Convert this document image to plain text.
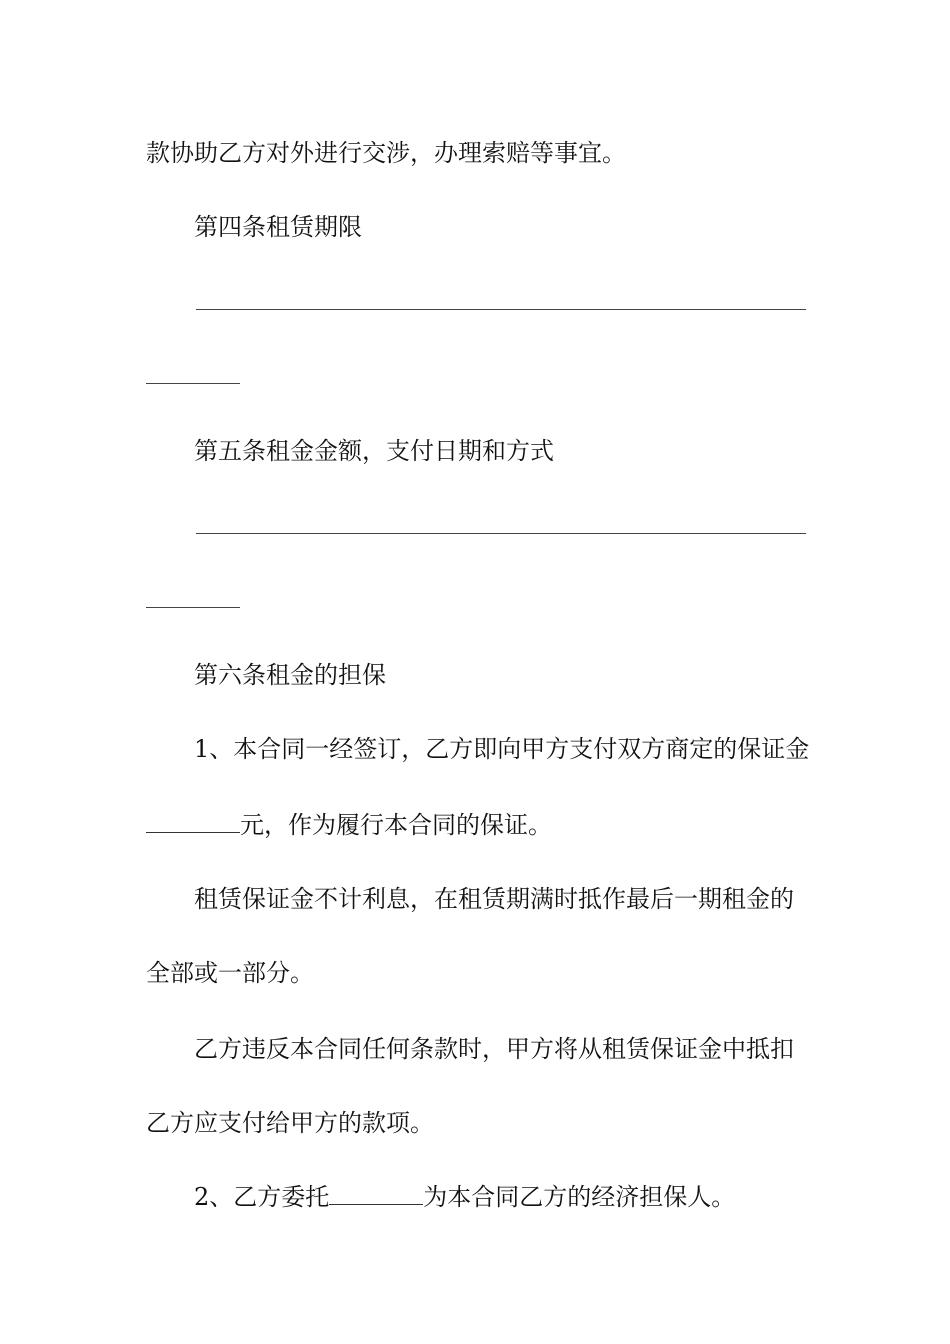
款协助乙方对外进行交涉，办理索赔等事宜。
第四条租赁期限
第五条租金金额，支付日期和方式
第六条租金的担保
1、本合同一经签订，乙方即向甲方支付双方商定的保证金
元，作为履行本合同的保证。
租赁保证金不计利息，在租赁期满时抵作最后一期租金的
全部或一部分。
乙方违反本合同任何条款时，甲方将从租赁保证金中抵扣
乙方应支付给甲方的款项。
2、乙方委托	为本合同乙方的经济担保人。
